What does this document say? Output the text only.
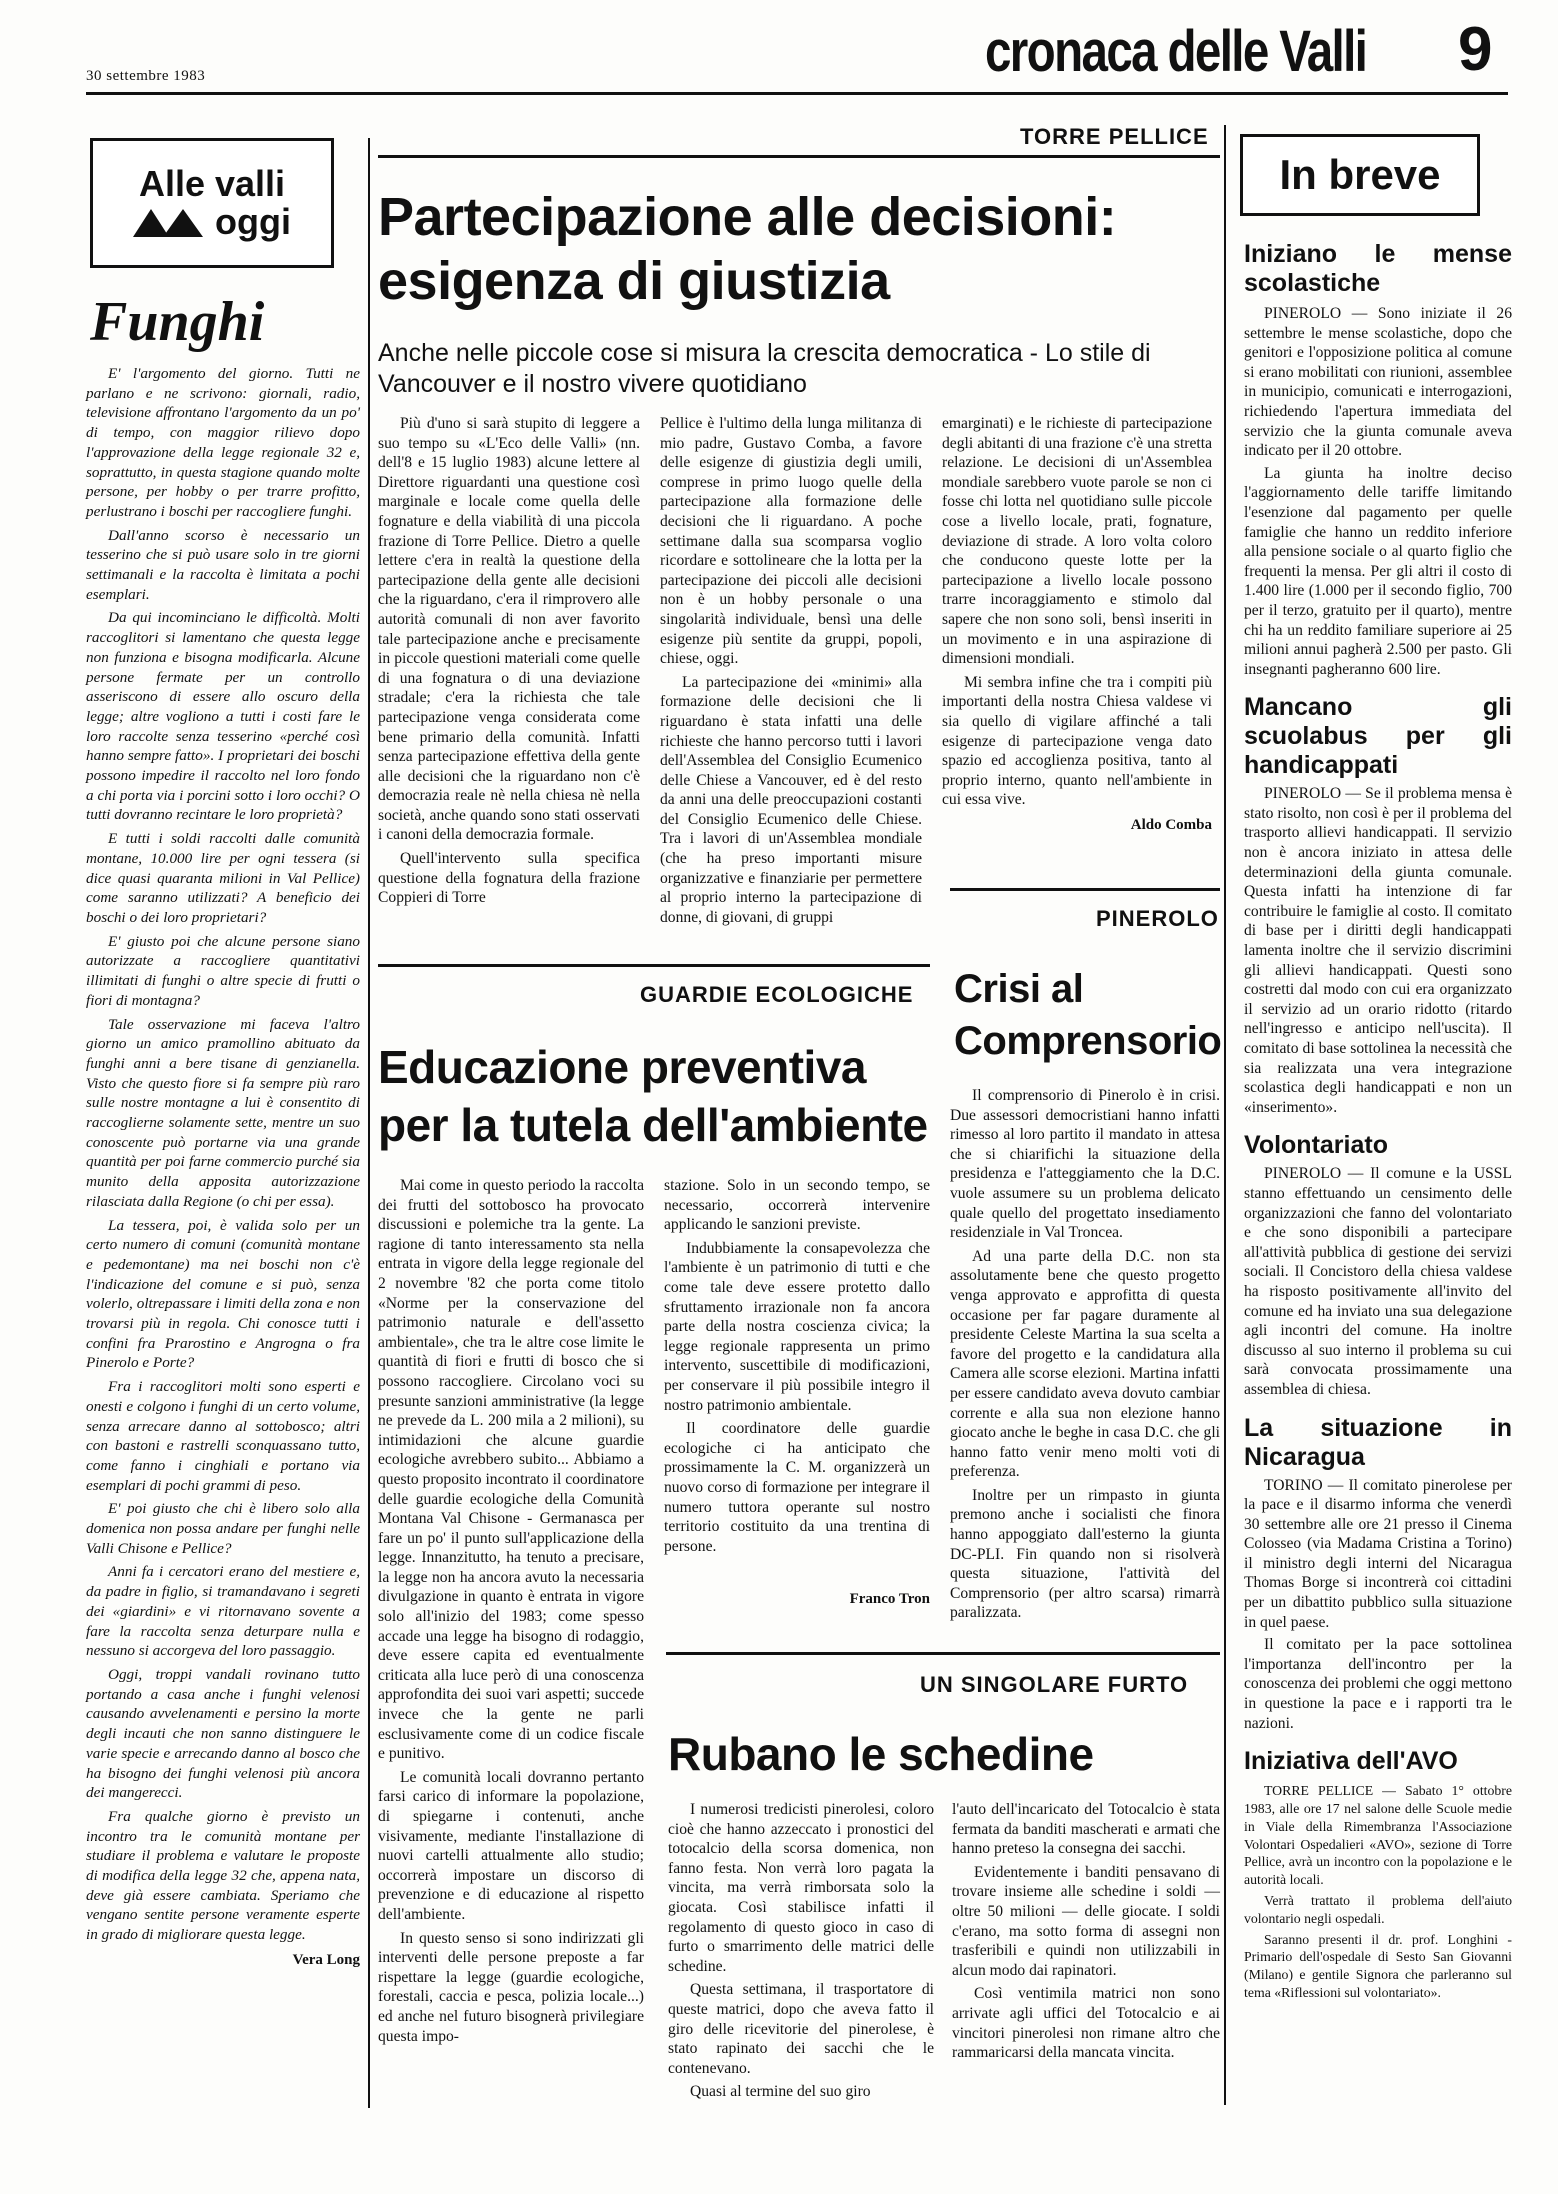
30 settembre 1983	cronaca delle Valli 9
Alle valli
oggi
Funghi

E' l'argomento del giorno. Tutti ne parlano e ne scrivono: giornali, radio, televisione affrontano l'argomento da un po' di tempo, con maggior rilievo dopo l'approvazione della legge regionale 32 e, soprattutto, in questa stagione quando molte persone, per hobby o per trarre profitto, perlustrano i boschi per raccogliere funghi.

Dall'anno scorso è necessario un tesserino che si può usare solo in tre giorni settimanali e la raccolta è limitata a pochi esemplari.

Da qui incominciano le difficoltà. Molti raccoglitori si lamentano che questa legge non funziona e bisogna modificarla. Alcune persone fermate per un controllo asseriscono di essere allo oscuro della legge; altre vogliono a tutti i costi fare le loro raccolte senza tesserino «perché così hanno sempre fatto». I proprietari dei boschi possono impedire il raccolto nel loro fondo a chi porta via i porcini sotto i loro occhi? O tutti dovranno recintare le loro proprietà?

E tutti i soldi raccolti dalle comunità montane, 10.000 lire per ogni tessera (si dice quasi quaranta milioni in Val Pellice) come saranno utilizzati? A beneficio dei boschi o dei loro proprietari?

E' giusto poi che alcune persone siano autorizzate a raccogliere quantitativi illimitati di funghi o altre specie di frutti o fiori di montagna?

Tale osservazione mi faceva l'altro giorno un amico pramollino abituato da funghi anni a bere tisane di genzianella. Visto che questo fiore si fa sempre più raro sulle nostre montagne a lui è consentito di raccoglierne solamente sette, mentre un suo conoscente può portarne via una grande quantità per poi farne commercio purché sia munito della apposita autorizzazione rilasciata dalla Regione (o chi per essa).

La tessera, poi, è valida solo per un certo numero di comuni (comunità montane e pedemontane) ma nei boschi non c'è l'indicazione del comune e si può, senza volerlo, oltrepassare i limiti della zona e non trovarsi più in regola. Chi conosce tutti i confini fra Prarostino e Angrogna o fra Pinerolo e Porte?

Fra i raccoglitori molti sono esperti e onesti e colgono i funghi di un certo volume, senza arrecare danno al sottobosco; altri con bastoni e rastrelli sconquassano tutto, come fanno i cinghiali e portano via esemplari di pochi grammi di peso.

E' poi giusto che chi è libero solo alla domenica non possa andare per funghi nelle Valli Chisone e Pellice?

Anni fa i cercatori erano del mestiere e, da padre in figlio, si tramandavano i segreti dei «giardini» e vi ritornavano sovente a fare la raccolta senza deturpare nulla e nessuno si accorgeva del loro passaggio.

Oggi, troppi vandali rovinano tutto portando a casa anche i funghi velenosi causando avvelenamenti e persino la morte degli incauti che non sanno distinguere le varie specie e arrecando danno al bosco che ha bisogno dei funghi velenosi più ancora dei mangerecci.

Fra qualche giorno è previsto un incontro tra le comunità montane per studiare il problema e valutare le proposte di modifica della legge 32 che, appena nata, deve già essere cambiata. Speriamo che vengano sentite persone veramente esperte in grado di migliorare questa legge.

Vera Long
TORRE PELLICE
Partecipazione alle decisioni:
esigenza di giustizia
Anche nelle piccole cose si misura la crescita democratica - Lo stile di Vancouver e il nostro vivere quotidiano

Più d'uno si sarà stupito di leggere a suo tempo su «L'Eco delle Valli» (nn. dell'8 e 15 luglio 1983) alcune lettere al Direttore riguardanti una questione così marginale e locale come quella delle fognature e della viabilità di una piccola frazione di Torre Pellice. Dietro a quelle lettere c'era in realtà la questione della partecipazione della gente alle decisioni che la riguardano, c'era il rimprovero alle autorità comunali di non aver favorito tale partecipazione anche e precisamente in piccole questioni materiali come quelle di una fognatura o di una deviazione stradale; c'era la richiesta che tale partecipazione venga considerata come bene primario della comunità. Infatti senza partecipazione effettiva della gente alle decisioni che la riguardano non c'è democrazia reale nè nella chiesa nè nella società, anche quando sono stati osservati i canoni della democrazia formale.

Quell'intervento sulla specifica questione della fognatura della frazione Coppieri di Torre

Pellice è l'ultimo della lunga militanza di mio padre, Gustavo Comba, a favore delle esigenze di giustizia degli umili, comprese in primo luogo quelle della partecipazione alla formazione delle decisioni che li riguardano. A poche settimane dalla sua scomparsa voglio ricordare e sottolineare che la lotta per la partecipazione dei piccoli alle decisioni non è un hobby personale o una singolarità individuale, bensì una delle esigenze più sentite da gruppi, popoli, chiese, oggi.

La partecipazione dei «minimi» alla formazione delle decisioni che li riguardano è stata infatti una delle richieste che hanno percorso tutti i lavori dell'Assemblea del Consiglio Ecumenico delle Chiese a Vancouver, ed è del resto da anni una delle preoccupazioni costanti del Consiglio Ecumenico delle Chiese. Tra i lavori di un'Assemblea mondiale (che ha preso importanti misure organizzative e finanziarie per permettere al proprio interno la partecipazione di donne, di giovani, di gruppi

emarginati) e le richieste di partecipazione degli abitanti di una frazione c'è una stretta relazione. Le decisioni di un'Assemblea mondiale sarebbero vuote parole se non ci fosse chi lotta nel quotidiano sulle piccole cose a livello locale, prati, fognature, deviazione di strade. A loro volta coloro che conducono queste lotte per la partecipazione a livello locale possono trarre incoraggiamento e stimolo dal sapere che non sono soli, bensì inseriti in un movimento e in una aspirazione di dimensioni mondiali.

Mi sembra infine che tra i compiti più importanti della nostra Chiesa valdese vi sia quello di vigilare affinché a tali esigenze di partecipazione venga dato spazio ed accoglienza positiva, tanto al proprio interno, quanto nell'ambiente in cui essa vive.

Aldo Comba
GUARDIE ECOLOGICHE
Educazione preventiva
per la tutela dell'ambiente

Mai come in questo periodo la raccolta dei frutti del sottobosco ha provocato discussioni e polemiche tra la gente. La ragione di tanto interessamento sta nella entrata in vigore della legge regionale del 2 novembre '82 che porta come titolo «Norme per la conservazione del patrimonio naturale e dell'assetto ambientale», che tra le altre cose limite le quantità di fiori e frutti di bosco che si possono raccogliere. Circolano voci su presunte sanzioni amministrative (la legge ne prevede da L. 200 mila a 2 milioni), su intimidazioni che alcune guardie ecologiche avrebbero subito... Abbiamo a questo proposito incontrato il coordinatore delle guardie ecologiche della Comunità Montana Val Chisone - Germanasca per fare un po' il punto sull'applicazione della legge. Innanzitutto, ha tenuto a precisare, la legge non ha ancora avuto la necessaria divulgazione in quanto è entrata in vigore solo all'inizio del 1983; come spesso accade una legge ha bisogno di rodaggio, deve essere capita ed eventualmente criticata alla luce però di una conoscenza approfondita dei suoi vari aspetti; succede invece che la gente ne parli esclusivamente come di un codice fiscale e punitivo.

Le comunità locali dovranno pertanto farsi carico di informare la popolazione, di spiegarne i contenuti, anche visivamente, mediante l'installazione di nuovi cartelli attualmente allo studio; occorrerà impostare un discorso di prevenzione e di educazione al rispetto dell'ambiente.

In questo senso si sono indirizzati gli interventi delle persone preposte a far rispettare la legge (guardie ecologiche, forestali, caccia e pesca, polizia locale...) ed anche nel futuro bisognerà privilegiare questa impo-

stazione. Solo in un secondo tempo, se necessario, occorrerà intervenire applicando le sanzioni previste.

Indubbiamente la consapevolezza che l'ambiente è un patrimonio di tutti e che come tale deve essere protetto dallo sfruttamento irrazionale non fa ancora parte della nostra coscienza civica; la legge regionale rappresenta un primo intervento, suscettibile di modificazioni, per conservare il più possibile integro il nostro patrimonio ambientale.

Il coordinatore delle guardie ecologiche ci ha anticipato che prossimamente la C. M. organizzerà un nuovo corso di formazione per integrare il numero tuttora operante sul nostro territorio costituito da una trentina di persone.

Franco Tron
PINEROLO
Crisi al
Comprensorio

Il comprensorio di Pinerolo è in crisi. Due assessori democristiani hanno infatti rimesso al loro partito il mandato in attesa che si chiarifichi la situazione della presidenza e l'atteggiamento che la D.C. vuole assumere su un problema delicato quale quello del progettato insediamento residenziale in Val Troncea.

Ad una parte della D.C. non sta assolutamente bene che questo progetto venga approvato e approfitta di questa occasione per far pagare duramente al presidente Celeste Martina la sua scelta a favore del progetto e la candidatura alla Camera alle scorse elezioni. Martina infatti per essere candidato aveva dovuto cambiar corrente e alla sua non elezione hanno giocato anche le beghe in casa D.C. che gli hanno fatto venir meno molti voti di preferenza.

Inoltre per un rimpasto in giunta premono anche i socialisti che finora hanno appoggiato dall'esterno la giunta DC-PLI. Fin quando non si risolverà questa situazione, l'attività del Comprensorio (per altro scarsa) rimarrà paralizzata.

UN SINGOLARE FURTO
Rubano le schedine

I numerosi tredicisti pinerolesi, coloro cioè che hanno azzeccato i pronostici del totocalcio della scorsa domenica, non fanno festa. Non verrà loro pagata la vincita, ma verrà rimborsata solo la giocata. Così stabilisce infatti il regolamento di questo gioco in caso di furto o smarrimento delle matrici delle schedine.

Questa settimana, il trasportatore di queste matrici, dopo che aveva fatto il giro delle ricevitorie del pinerolese, è stato rapinato dei sacchi che le contenevano.

Quasi al termine del suo giro

l'auto dell'incaricato del Totocalcio è stata fermata da banditi mascherati e armati che hanno preteso la consegna dei sacchi.

Evidentemente i banditi pensavano di trovare insieme alle schedine i soldi — oltre 50 milioni — delle giocate. I soldi c'erano, ma sotto forma di assegni non trasferibili e quindi non utilizzabili in alcun modo dai rapinatori.

Così ventimila matrici non sono arrivate agli uffici del Totocalcio e ai vincitori pinerolesi non rimane altro che rammaricarsi della mancata vincita.

In breve
Iniziano le mense scolastiche

PINEROLO — Sono iniziate il 26 settembre le mense scolastiche, dopo che genitori e l'opposizione politica al comune si erano mobilitati con riunioni, assemblee in municipio, comunicati e interrogazioni, richiedendo l'apertura immediata del servizio che la giunta comunale aveva indicato per il 20 ottobre.

La giunta ha inoltre deciso l'aggiornamento delle tariffe limitando l'esenzione dal pagamento per quelle famiglie che hanno un reddito inferiore alla pensione sociale o al quarto figlio che frequenti la mensa. Per gli altri il costo di 1.400 lire (1.000 per il secondo figlio, 700 per il terzo, gratuito per il quarto), mentre chi ha un reddito familiare superiore ai 25 milioni annui pagherà 2.500 per pasto. Gli insegnanti pagheranno 600 lire.

Mancano gli scuolabus per gli handicappati

PINEROLO — Se il problema mensa è stato risolto, non così è per il problema del trasporto allievi handicappati. Il servizio non è ancora iniziato in attesa delle determinazioni della giunta comunale. Questa infatti ha intenzione di far contribuire le famiglie al costo. Il comitato di base per i diritti degli handicappati lamenta inoltre che il servizio discrimini gli allievi handicappati. Questi sono costretti dal modo con cui era organizzato il servizio ad un orario ridotto (ritardo nell'ingresso e anticipo nell'uscita). Il comitato di base sottolinea la necessità che sia realizzata una vera integrazione scolastica degli handicappati e non un «inserimento».

Volontariato

PINEROLO — Il comune e la USSL stanno effettuando un censimento delle organizzazioni che fanno del volontariato e che sono disponibili a partecipare all'attività pubblica di gestione dei servizi sociali. Il Concistoro della chiesa valdese ha risposto positivamente all'invito del comune ed ha inviato una sua delegazione agli incontri del comune. Ha inoltre discusso al suo interno il problema su cui sarà convocata prossimamente una assemblea di chiesa.

La situazione in Nicaragua

TORINO — Il comitato pinerolese per la pace e il disarmo informa che venerdì 30 settembre alle ore 21 presso il Cinema Colosseo (via Madama Cristina a Torino) il ministro degli interni del Nicaragua Thomas Borge si incontrerà coi cittadini per un dibattito pubblico sulla situazione in quel paese.

Il comitato per la pace sottolinea l'importanza dell'incontro per la conoscenza dei problemi che oggi mettono in questione la pace e i rapporti tra le nazioni.

Iniziativa dell'AVO

TORRE PELLICE — Sabato 1° ottobre 1983, alle ore 17 nel salone delle Scuole medie in Viale della Rimembranza l'Associazione Volontari Ospedalieri «AVO», sezione di Torre Pellice, avrà un incontro con la popolazione e le autorità locali.

Verrà trattato il problema dell'aiuto volontario negli ospedali.

Saranno presenti il dr. prof. Longhini - Primario dell'ospedale di Sesto San Giovanni (Milano) e gentile Signora che parleranno sul tema «Riflessioni sul volontariato».
